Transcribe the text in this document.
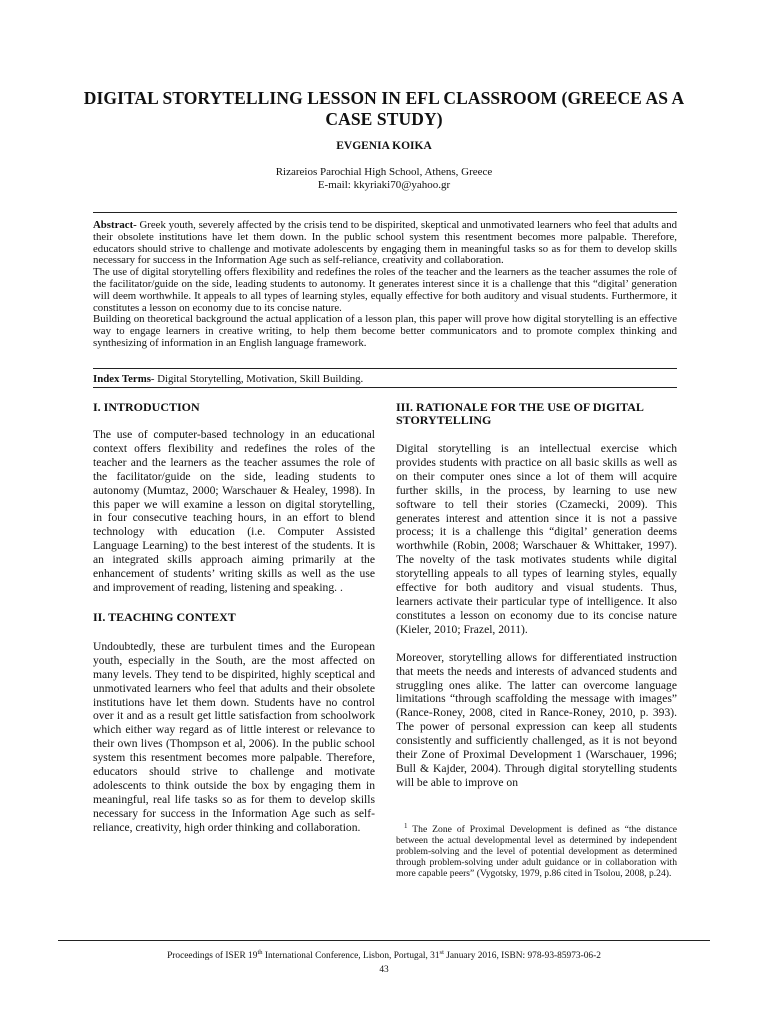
DIGITAL STORYTELLING LESSON IN EFL CLASSROOM (GREECE AS A CASE STUDY)
EVGENIA KOIKA
Rizareios Parochial High School, Athens, Greece
E-mail: kkyriaki70@yahoo.gr

Abstract- Greek youth, severely affected by the crisis tend to be dispirited, skeptical and unmotivated learners who feel that adults and their obsolete institutions have let them down. In the public school system this resentment becomes more palpable. Therefore, educators should strive to challenge and motivate adolescents by engaging them in meaningful tasks so as for them to develop skills necessary for success in the Information Age such as self-reliance, creativity and collaboration.

The use of digital storytelling offers flexibility and redefines the roles of the teacher and the learners as the teacher assumes the role of the facilitator/guide on the side, leading students to autonomy. It generates interest since it is a challenge that this “digital’ generation will deem worthwhile. It appeals to all types of learning styles, equally effective for both auditory and visual students. Furthermore, it constitutes a lesson on economy due to its concise nature.

Building on theoretical background the actual application of a lesson plan, this paper will prove how digital storytelling is an effective way to engage learners in creative writing, to help them become better communicators and to promote complex thinking and synthesizing of information in an English language framework.

Index Terms- Digital Storytelling, Motivation, Skill Building.

I. INTRODUCTION

The use of computer-based technology in an educational context offers flexibility and redefines the roles of the teacher and the learners as the teacher assumes the role of the facilitator/guide on the side, leading students to autonomy (Mumtaz, 2000; Warschauer & Healey, 1998). In this paper we will examine a lesson on digital storytelling, in four consecutive teaching hours, in an effort to blend technology with education (i.e. Computer Assisted Language Learning) to the best interest of the students. It is an integrated skills approach aiming primarily at the enhancement of students’ writing skills as well as the use and improvement of reading, listening and speaking. .

II. TEACHING CONTEXT

Undoubtedly, these are turbulent times and the European youth, especially in the South, are the most affected on many levels. They tend to be dispirited, highly sceptical and unmotivated learners who feel that adults and their obsolete institutions have let them down. Students have no control over it and as a result get little satisfaction from schoolwork which either way regard as of little interest or relevance to their own lives (Thompson et al, 2006). In the public school system this resentment becomes more palpable. Therefore, educators should strive to challenge and motivate adolescents to think outside the box by engaging them in meaningful, real life tasks so as for them to develop skills necessary for success in the Information Age such as self-reliance, creativity, high order thinking and collaboration.

III. RATIONALE FOR THE USE OF DIGITAL STORYTELLING

Digital storytelling is an intellectual exercise which provides students with practice on all basic skills as well as on their computer ones since a lot of them will acquire further skills, in the process, by learning to use new software to tell their stories (Czamecki, 2009). This generates interest and attention since it is not a passive process; it is a challenge this “digital’ generation deems worthwhile (Robin, 2008; Warschauer & Whittaker, 1997). The novelty of the task motivates students while digital storytelling appeals to all types of learning styles, equally effective for both auditory and visual students. Thus, learners activate their particular type of intelligence. It also constitutes a lesson on economy due to its concise nature (Kieler, 2010; Frazel, 2011).

Moreover, storytelling allows for differentiated instruction that meets the needs and interests of advanced students and struggling ones alike. The latter can overcome language limitations “through scaffolding the message with images” (Rance-Roney, 2008, cited in Rance-Roney, 2010, p. 393). The power of personal expression can keep all students consistently and sufficiently challenged, as it is not beyond their Zone of Proximal Development 1 (Warschauer, 1996; Bull & Kajder, 2004). Through digital storytelling students will be able to improve on

$^1$ The Zone of Proximal Development is defined as “the distance between the actual developmental level as determined by independent problem-solving and the level of potential development as determined through problem-solving under adult guidance or in collaboration with more capable peers” (Vygotsky, 1979, p.86 cited in Tsolou, 2008, p.24).

Proceedings of ISER 19th International Conference, Lisbon, Portugal, 31st January 2016, ISBN: 978-93-85973-06-2
43
